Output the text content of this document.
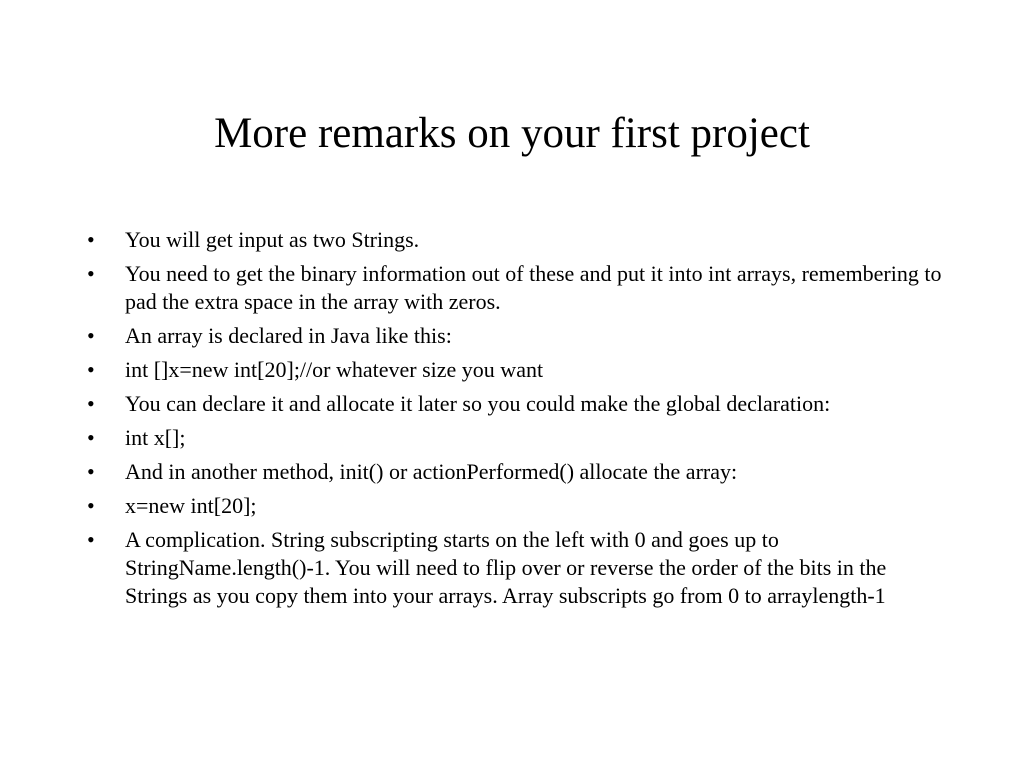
More remarks on your first project
•	You will get input as two Strings.
•	You need to get the binary information out of these and put it into int arrays, remembering to pad the extra space in the array with zeros.
•	An array is declared in Java like this:
•	int []x=new int[20];//or whatever size you want
•	You can declare it and allocate it later so you could make the global declaration:
•	int x[];
•	And in another method, init() or actionPerformed() allocate the array:
•	x=new int[20];
•	A complication. String subscripting starts on the left with 0 and goes up to StringName.length()-1. You will need to flip over or reverse the order of the bits in the Strings as you copy them into your arrays. Array subscripts go from 0 to arraylength-1
